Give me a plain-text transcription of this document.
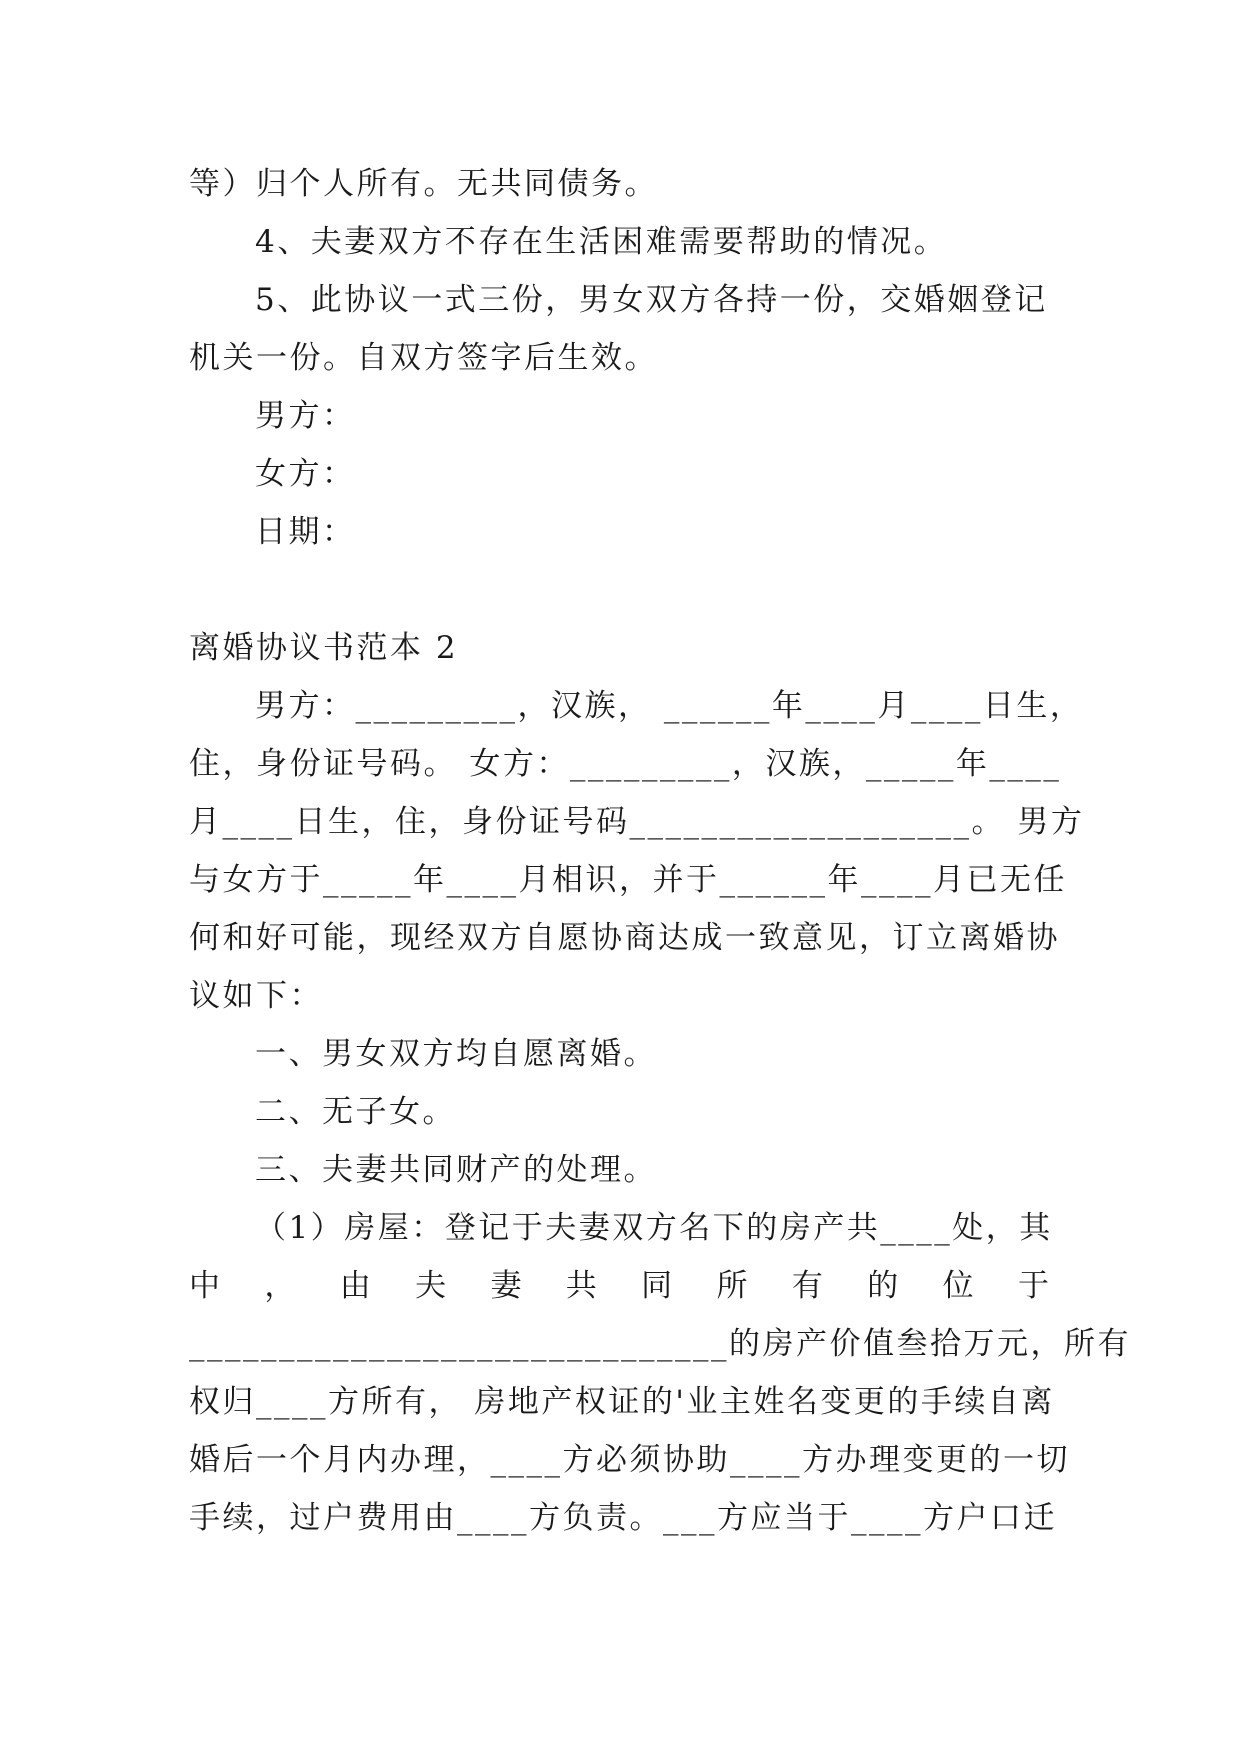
等）归个人所有。无共同债务。
4、夫妻双方不存在生活困难需要帮助的情况。
5、此协议一式三份，男女双方各持一份，交婚姻登记
机关一份。自双方签字后生效。
男方：
女方：
日期：
离婚协议书范本 2
男方：_________，汉族， ______年____月____日生，
住，身份证号码。 女方：_________，汉族，_____年____
月____日生，住，身份证号码___________________。 男方
与女方于_____年____月相识，并于______年____月已无任
何和好可能，现经双方自愿协商达成一致意见，订立离婚协
议如下：
一、男女双方均自愿离婚。
二、无子女。
三、夫妻共同财产的处理。
（1）房屋：登记于夫妻双方名下的房产共____处，其
中 ， 由 夫 妻 共 同 所 有 的 位 于
______________________________的房产价值叁拾万元，所有
权归____方所有， 房地产权证的'业主姓名变更的手续自离
婚后一个月内办理，____方必须协助____方办理变更的一切
手续，过户费用由____方负责。___方应当于____方户口迁
